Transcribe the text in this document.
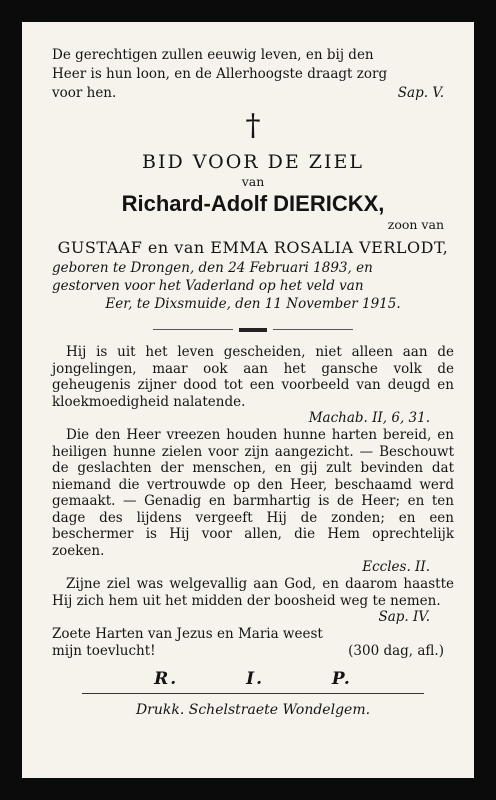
De gerechtigen zullen eeuwig leven, en bij den
Heer is hun loon, en de Allerhoogste draagt zorg
voor hen.	Sap. V.

†
BID VOOR DE ZIEL
van
Richard-Adolf DIERICKX,
zoon van
GUSTAAF en van EMMA ROSALIA VERLODT,

geboren te Drongen, den 24 Februari 1893, en
gestorven voor het Vaderland op het veld van

Eer, te Dixsmuide, den 11 November 1915.

Hij is uit het leven gescheiden, niet alleen aan de jongelingen, maar ook aan het gansche volk de geheugenis zijner dood tot een voorbeeld van deugd en kloekmoedigheid nalatende.

Machab. II, 6, 31.

Die den Heer vreezen houden hunne harten bereid, en heiligen hunne zielen voor zijn aangezicht. — Beschouwt de geslachten der menschen, en gij zult bevinden dat niemand die vertrouwde op den Heer, beschaamd werd gemaakt. — Genadig en barmhartig is de Heer; en ten dage des lijdens vergeeft Hij de zonden; en een beschermer is Hij voor allen, die Hem oprechtelijk zoeken.

Eccles. II.

Zijne ziel was welgevallig aan God, en daarom haastte Hij zich hem uit het midden der boosheid weg te nemen.

Sap. IV.

Zoete Harten van Jezus en Maria weest mijn toevlucht!	(300 dag, afl.)
R. I. P.
Drukk. Schelstraete Wondelgem.
